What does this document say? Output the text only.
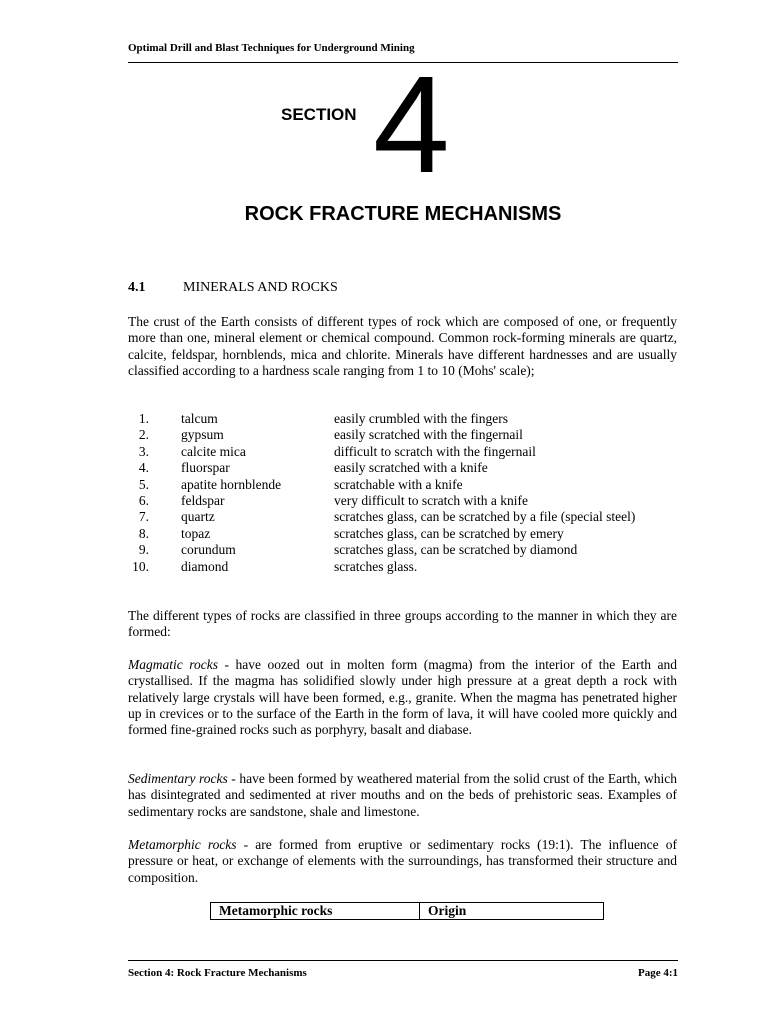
Optimal Drill and Blast Techniques for Underground Mining
SECTION 4
ROCK FRACTURE MECHANISMS
4.1	MINERALS AND ROCKS
The crust of the Earth consists of different types of rock which are composed of one, or frequently more than one, mineral element or chemical compound. Common rock-forming minerals are quartz, calcite, feldspar, hornblends, mica and chlorite. Minerals have different hardnesses and are usually classified according to a hardness scale ranging from 1 to 10 (Mohs' scale);
1. talcum	easily crumbled with the fingers
2. gypsum	easily scratched with the fingernail
3. calcite mica	difficult to scratch with the fingernail
4. fluorspar	easily scratched with a knife
5. apatite hornblende	scratchable with a knife
6. feldspar	very difficult to scratch with a knife
7. quartz	scratches glass, can be scratched by a file (special steel)
8. topaz	scratches glass, can be scratched by emery
9. corundum	scratches glass, can be scratched by diamond
10. diamond	scratches glass.
The different types of rocks are classified in three groups according to the manner in which they are formed:
Magmatic rocks - have oozed out in molten form (magma) from the interior of the Earth and crystallised. If the magma has solidified slowly under high pressure at a great depth a rock with relatively large crystals will have been formed, e.g., granite. When the magma has penetrated higher up in crevices or to the surface of the Earth in the form of lava, it will have cooled more quickly and formed fine-grained rocks such as porphyry, basalt and diabase.
Sedimentary rocks - have been formed by weathered material from the solid crust of the Earth, which has disintegrated and sedimented at river mouths and on the beds of prehistoric seas. Examples of sedimentary rocks are sandstone, shale and limestone.
Metamorphic rocks - are formed from eruptive or sedimentary rocks (19:1). The influence of pressure or heat, or exchange of elements with the surroundings, has transformed their structure and composition.
Metamorphic rocks	Origin
Section 4: Rock Fracture Mechanisms	Page 4:1
